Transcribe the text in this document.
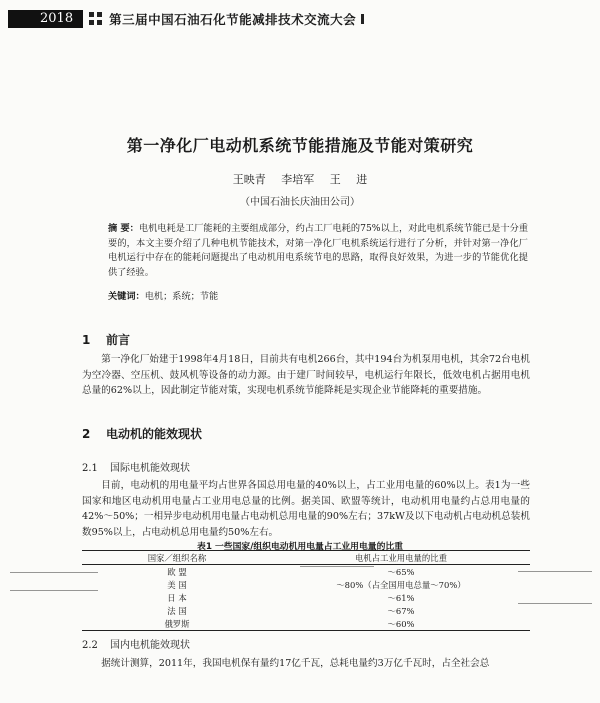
2018	第三届中国石油石化节能减排技术交流大会
第一净化厂电动机系统节能措施及节能对策研究
王映青 李培军 王 进
（中国石油长庆油田公司）
摘 要：电机电耗是工厂能耗的主要组成部分，约占工厂电耗的75%以上，对此电机系统节能已是十分重要的，本文主要介绍了几种电机节能技术，对第一净化厂电机系统运行进行了分析，并针对第一净化厂电机运行中存在的能耗问题提出了电动机用电系统节电的思路，取得良好效果，为进一步的节能优化提供了经验。
关键词：电机；系统；节能
1 前言
第一净化厂始建于1998年4月18日，目前共有电机266台，其中194台为机泵用电机，其余72台电机为空冷器、空压机、鼓风机等设备的动力源。由于建厂时间较早，电机运行年限长，低效电机占据用电机总量的62%以上，因此制定节能对策，实现电机系统节能降耗是实现企业节能降耗的重要措施。
2 电动机的能效现状
2.1 国际电机能效现状
目前，电动机的用电量平均占世界各国总用电量的40%以上，占工业用电量的60%以上。表1为一些国家和地区电动机用电量占工业用电总量的比例。据美国、欧盟等统计，电动机用电量约占总用电量的42%～50%；一相异步电动机用电量占电动机总用电量的90%左右；37kW及以下电动机占电动机总装机数95%以上，占电动机总用电量约50%左右。
表1 一些国家/组织电动机用电量占工业用电量的比重
国家／组织名称	电机占工业用电量的比重
欧 盟	～65%
美 国	～80%（占全国用电总量～70%）
日 本	～61%
法 国	～67%
俄罗斯	～60%
2.2 国内电机能效现状
据统计测算，2011年，我国电机保有量约17亿千瓦，总耗电量约3万亿千瓦时，占全社会总
